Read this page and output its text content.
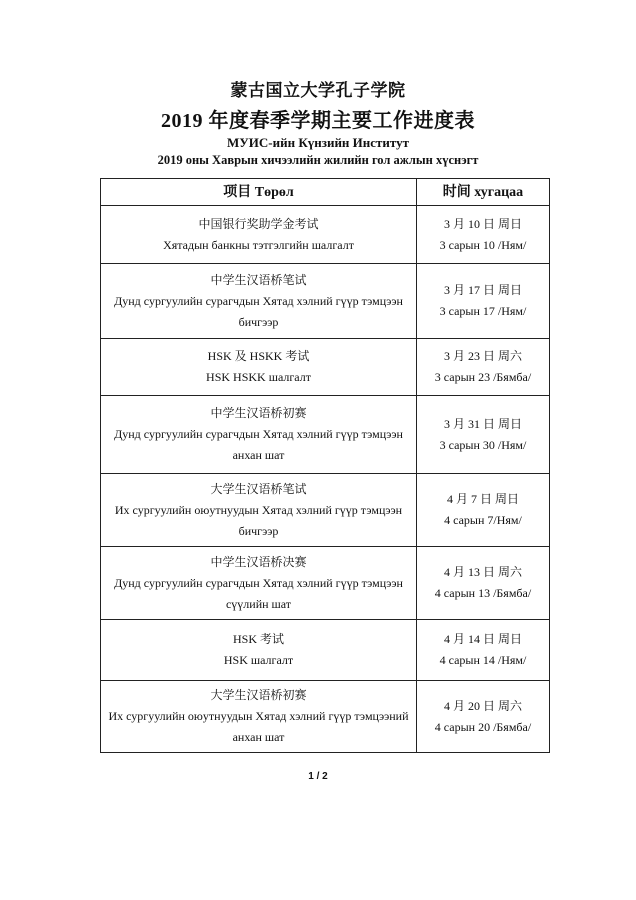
蒙古国立大学孔子学院
2019 年度春季学期主要工作进度表
МУИС-ийн Күнзийн Институт
2019 оны Хаврын хичээлийн жилийн гол ажлын хүснэгт
项目 Төрөл	时间 хугацаа

中国银行奖助学金考试
Хятадын банкны тэтгэлгийн шалгалт	3 月 10 日 周日
3 сарын 10 /Ням/

中学生汉语桥笔试
Дунд сургуулийн сурагчдын Хятад хэлний гүүр тэмцээн бичгээр	3 月 17 日 周日
3 сарын 17 /Ням/

HSK 及 HSKK 考试
HSK HSKK шалгалт	3 月 23 日 周六
3 сарын 23 /Бямба/

中学生汉语桥初赛
Дунд сургуулийн сурагчдын Хятад хэлний гүүр тэмцээн анхан шат	3 月 31 日 周日
3 сарын 30 /Ням/

大学生汉语桥笔试
Их сургуулийн оюутнуудын Хятад хэлний гүүр тэмцээн бичгээр	4 月 7 日 周日
4 сарын 7/Ням/

中学生汉语桥决赛
Дунд сургуулийн сурагчдын Хятад хэлний гүүр тэмцээн сүүлийн шат	4 月 13 日 周六
4 сарын 13 /Бямба/

HSK 考试
HSK шалгалт	4 月 14 日 周日
4 сарын 14 /Ням/

大学生汉语桥初赛
Их сургуулийн оюутнуудын Хятад хэлний гүүр тэмцээний анхан шат	4 月 20 日 周六
4 сарын 20 /Бямба/
1 / 2
